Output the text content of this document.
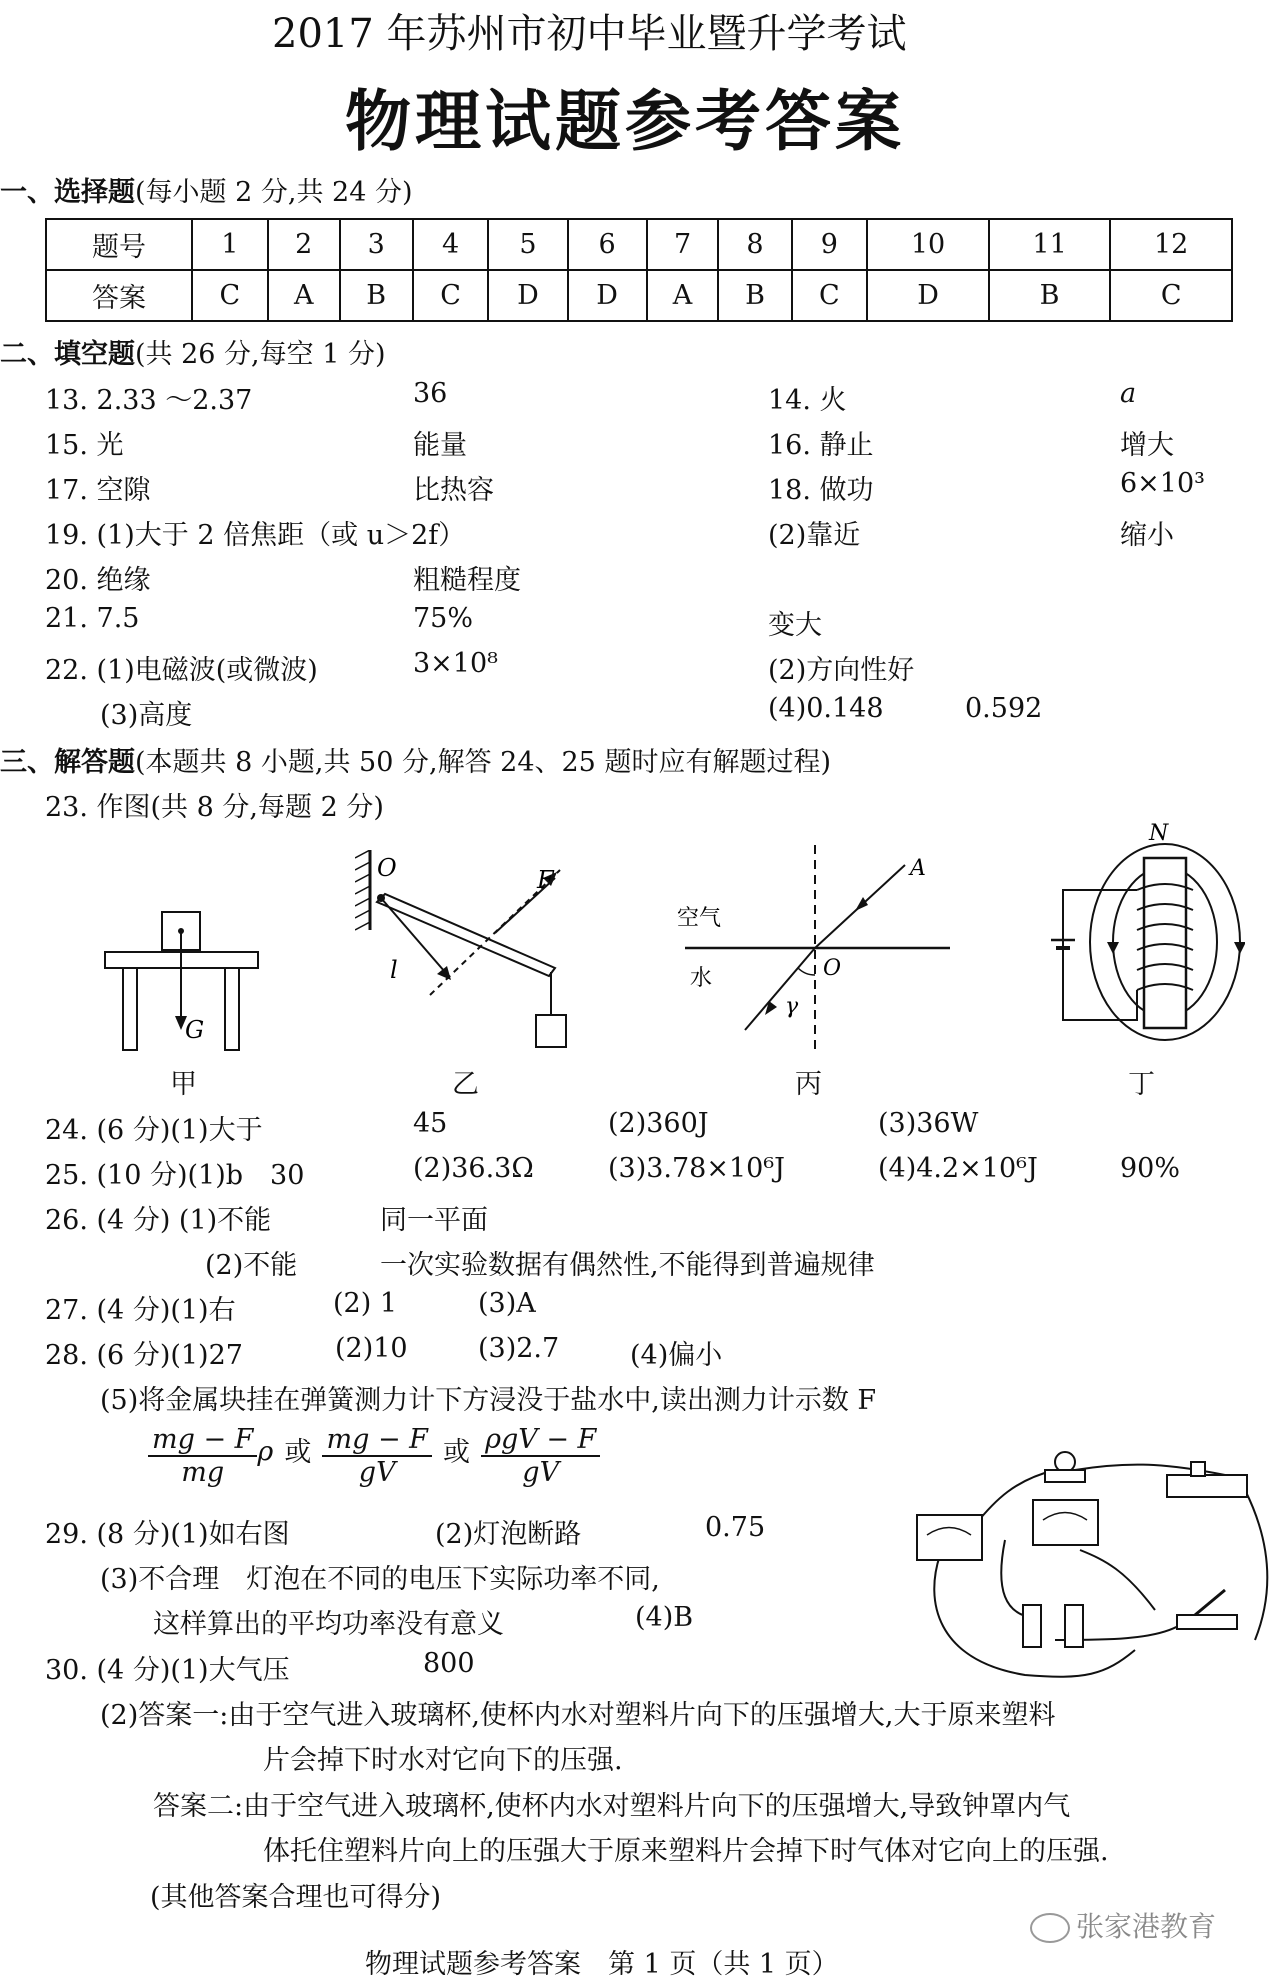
2017 年苏州市初中毕业暨升学考试
物理试题参考答案
一、选择题(每小题 2 分,共 24 分)
题号	1	2	3	4	5	6	7	8	9	10	11	12
答案	C	A	B	C	D	D	A	B	C	D	B	C
二、填空题(共 26 分,每空 1 分)
13. 2.33 ～2.37	36	14. 火	a
15. 光	能量	16. 静止	增大
17. 空隙	比热容	18. 做功	6×10³
19. (1)大于 2 倍焦距（或 u＞2f）	(2)靠近	缩小
20. 绝缘	粗糙程度
21. 7.5	75%	变大
22. (1)电磁波(或微波)	3×10⁸	(2)方向性好
(3)高度	(4)0.148	0.592
三、解答题(本题共 8 小题,共 50 分,解答 24、25 题时应有解题过程)
23. 作图(共 8 分,每题 2 分)
G
甲
O	F
l
乙
空气
水
A
O
γ
丙
N
丁
24. (6 分)(1)大于	45	(2)360J	(3)36W
25. (10 分)(1)b　30	(2)36.3Ω	(3)3.78×10⁶J	(4)4.2×10⁶J	90%
26. (4 分) (1)不能	同一平面
(2)不能	一次实验数据有偶然性,不能得到普遍规律
27. (4 分)(1)右	(2) 1	(3)A
28. (6 分)(1)27	(2)10	(3)2.7	(4)偏小
(5)将金属块挂在弹簧测力计下方浸没于盐水中,读出测力计示数 F
$\frac{mg - F}{mg}$ ρ 或 $\frac{mg - F}{gV}$ 或 $\frac{\text{ρgV − F}}{gV}$
29. (8 分)(1)如右图	(2)灯泡断路	0.75
(3)不合理　灯泡在不同的电压下实际功率不同,
这样算出的平均功率没有意义	(4)B
30. (4 分)(1)大气压	800
(2)答案一:由于空气进入玻璃杯,使杯内水对塑料片向下的压强增大,大于原来塑料
片会掉下时水对它向下的压强.
答案二:由于空气进入玻璃杯,使杯内水对塑料片向下的压强增大,导致钟罩内气
体托住塑料片向上的压强大于原来塑料片会掉下时气体对它向上的压强.
(其他答案合理也可得分)
张家港教育
物理试题参考答案　第 1 页（共 1 页）
